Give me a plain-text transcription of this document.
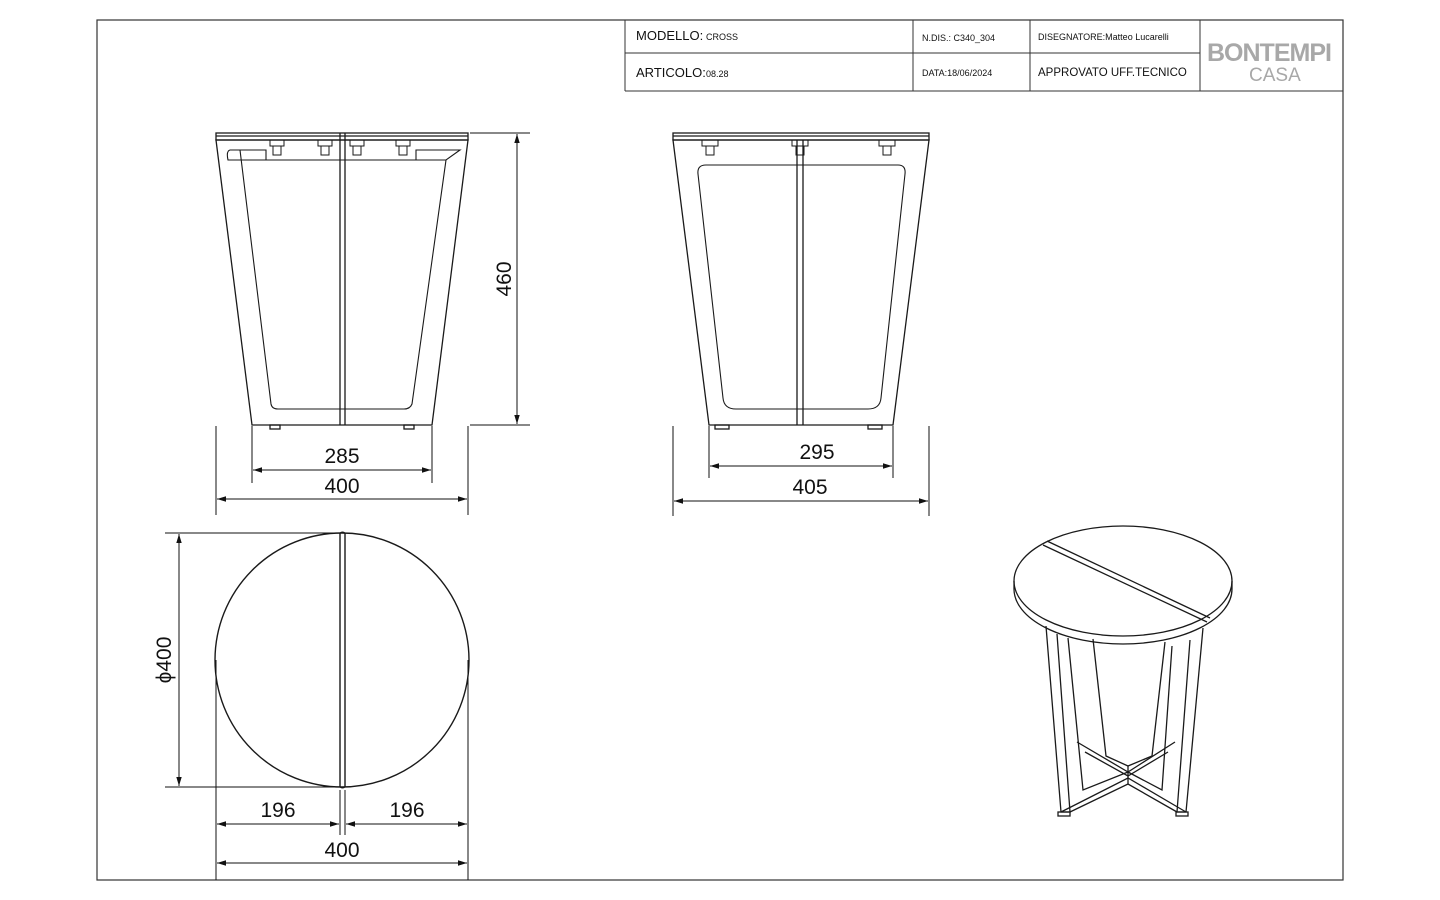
MODELLO: CROSS
ARTICOLO: 08.28
N.DIS.: C340_304
DATA:18/06/2024
DISEGNATORE:Matteo Lucarelli
APPROVATO UFF.TECNICO
BONTEMPI
CASA
460
285
400
295
405
ϕ400
196	196
400
